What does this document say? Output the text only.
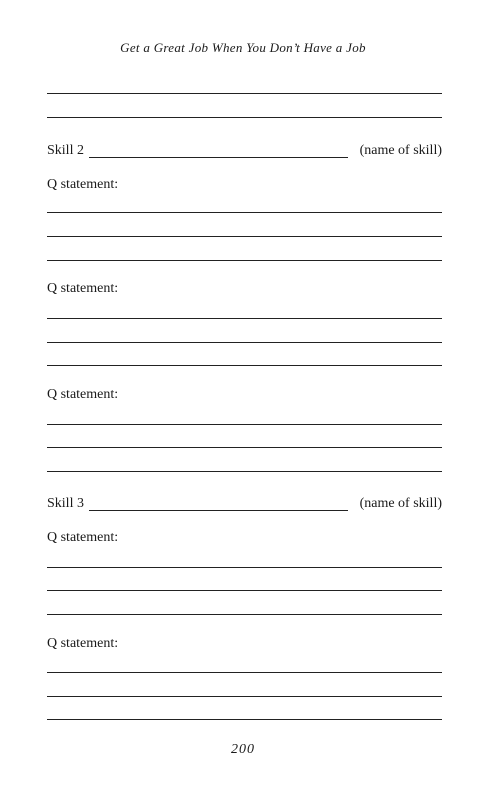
Get a Great Job When You Don’t Have a Job
Skill 2	(name of skill)
Q statement:
Q statement:
Q statement:
Skill 3	(name of skill)
Q statement:
Q statement:
200
